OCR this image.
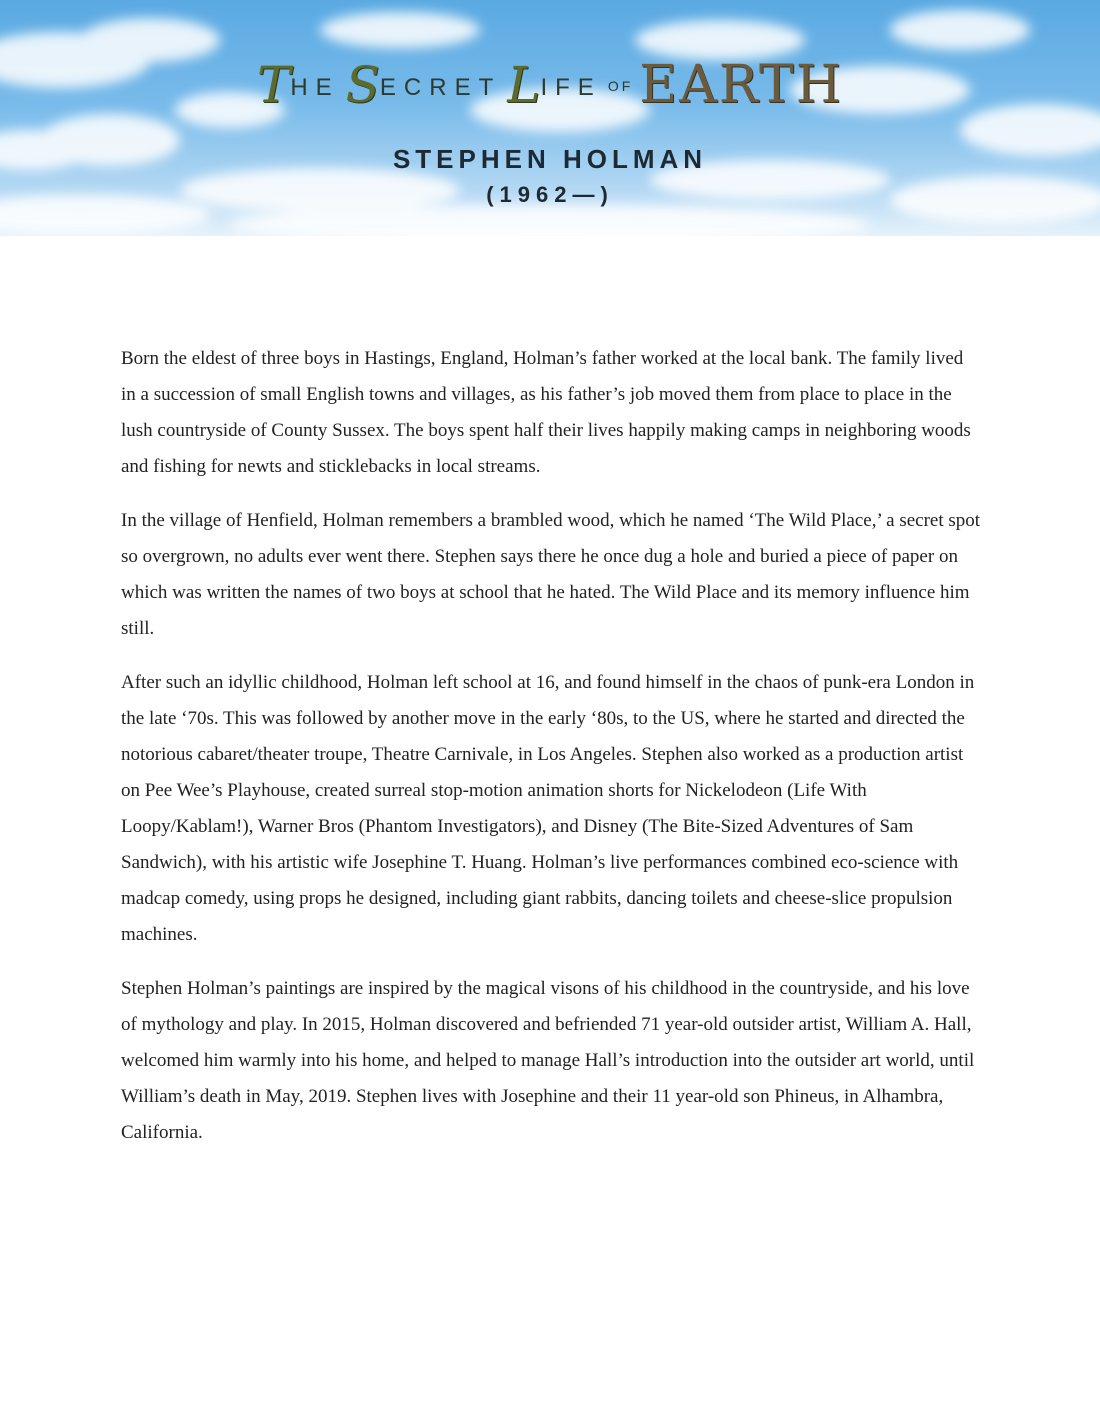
T HE S ECRET L IFE OF EARTH
STEPHEN HOLMAN
(1962—)

Born the eldest of three boys in Hastings, England, Holman’s father worked at the local bank. The family lived in a succession of small English towns and villages, as his father’s job moved them from place to place in the lush countryside of County Sussex. The boys spent half their lives happily making camps in neighboring woods and fishing for newts and sticklebacks in local streams.

In the village of Henfield, Holman remembers a brambled wood, which he named ‘The Wild Place,’ a secret spot so overgrown, no adults ever went there. Stephen says there he once dug a hole and buried a piece of paper on which was written the names of two boys at school that he hated. The Wild Place and its memory influence him still.

After such an idyllic childhood, Holman left school at 16, and found himself in the chaos of punk-era London in the late ‘70s. This was followed by another move in the early ‘80s, to the US, where he started and directed the notorious cabaret/theater troupe, Theatre Carnivale, in Los Angeles. Stephen also worked as a production artist on Pee Wee’s Playhouse, created surreal stop-motion animation shorts for Nickelodeon (Life With Loopy/Kablam!), Warner Bros (Phantom Investigators), and Disney (The Bite-Sized Adventures of Sam Sandwich), with his artistic wife Josephine T. Huang. Holman’s live performances combined eco-science with madcap comedy, using props he designed, including giant rabbits, dancing toilets and cheese-slice propulsion machines.

Stephen Holman’s paintings are inspired by the magical visons of his childhood in the countryside, and his love of mythology and play. In 2015, Holman discovered and befriended 71 year-old outsider artist, William A. Hall, welcomed him warmly into his home, and helped to manage Hall’s introduction into the outsider art world, until William’s death in May, 2019. Stephen lives with Josephine and their 11 year-old son Phineus, in Alhambra, California.
